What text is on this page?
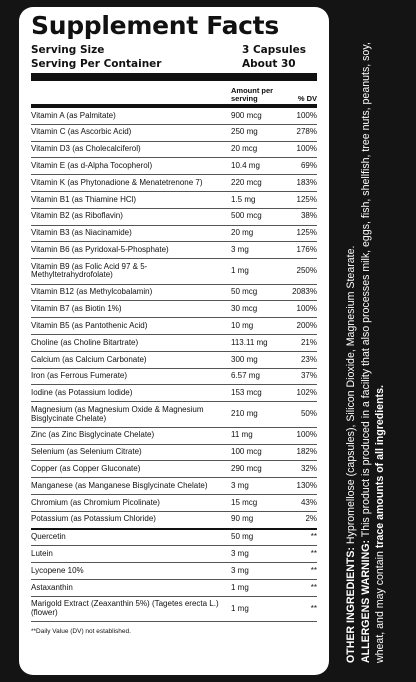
Supplement Facts
Serving Size	3 Capsules
Serving Per Container	About 30
Amount per serving	% DV
Vitamin A (as Palmitate)	900 mcg	100%
Vitamin C (as Ascorbic Acid)	250 mg	278%
Vitamin D3 (as Cholecalciferol)	20 mcg	100%
Vitamin E (as d-Alpha Tocopherol)	10.4 mg	69%
Vitamin K (as Phytonadione & Menatetrenone 7)	220 mcg	183%
Vitamin B1 (as Thiamine HCl)	1.5 mg	125%
Vitamin B2 (as Riboflavin)	500 mcg	38%
Vitamin B3 (as Niacinamide)	20 mg	125%
Vitamin B6 (as Pyridoxal-5-Phosphate)	3 mg	176%
Vitamin B9 (as Folic Acid 97 & 5-Methyltetrahydrofolate)	1 mg	250%
Vitamin B12 (as Methylcobalamin)	50 mcg	2083%
Vitamin B7 (as Biotin 1%)	30 mcg	100%
Vitamin B5 (as Pantothenic Acid)	10 mg	200%
Choline (as Choline Bitartrate)	113.11 mg	21%
Calcium (as Calcium Carbonate)	300 mg	23%
Iron (as Ferrous Fumerate)	6.57 mg	37%
Iodine (as Potassium Iodide)	153 mcg	102%
Magnesium (as Magnesium Oxide & Magnesium Bisglycinate Chelate)	210 mg	50%
Zinc (as Zinc Bisglycinate Chelate)	11 mg	100%
Selenium (as Selenium Citrate)	100 mcg	182%
Copper (as Copper Gluconate)	290 mcg	32%
Manganese (as Manganese Bisglycinate Chelate)	3 mg	130%
Chromium (as Chromium Picolinate)	15 mcg	43%
Potassium (as Potassium Chloride)	90 mg	2%
Quercetin	50 mg	**
Lutein	3 mg	**
Lycopene 10%	3 mg	**
Astaxanthin	1 mg	**
Marigold Extract (Zeaxanthin 5%) (Tagetes erecta L.) (flower)	1 mg	**
**Daily Value (DV) not established.	OTHER INGREDIENTS: Hypromellose (capsules), Silicon Dioxide, Magnesium Stearate.
ALLERGENS WARNING: This product is produced in a facility that also processes milk, eggs, fish, shellfish, tree nuts, peanuts, soy, wheat, and may contain trace amounts of all ingredients.
